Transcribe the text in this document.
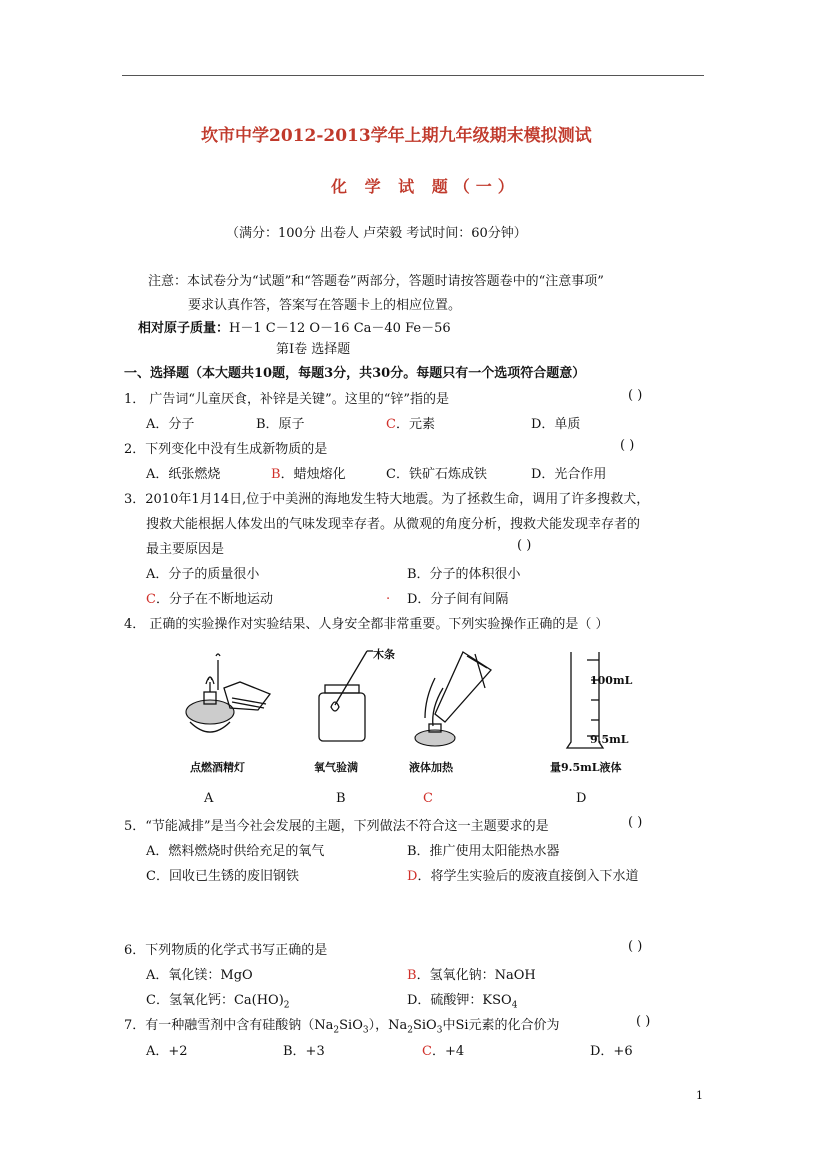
坎市中学2012-2013学年上期九年级期末模拟测试
化 学 试 题（一）
（满分：100分 出卷人 卢荣毅 考试时间：60分钟）
注意：本试卷分为“试题”和“答题卷”两部分，答题时请按答题卷中的“注意事项”
要求认真作答，答案写在答题卡上的相应位置。
相对原子质量：H－1 C－12 O－16 Ca－40 Fe－56
第Ⅰ卷 选择题
一、选择题（本大题共10题，每题3分，共30分。每题只有一个选项符合题意）
1． 广告词“儿童厌食，补锌是关键”。这里的“锌”指的是	( )
A．分子	B．原子	C．元素	D．单质
2．下列变化中没有生成新物质的是	( )
A．纸张燃烧	B．蜡烛熔化	C．铁矿石炼成铁	D．光合作用
3．2010年1月14日,位于中美洲的海地发生特大地震。为了拯救生命，调用了许多搜救犬，
搜救犬能根据人体发出的气味发现幸存者。从微观的角度分析，搜救犬能发现幸存者的
最主要原因是	( )
A．分子的质量很小	B．分子的体积很小
C．分子在不断地运动	. D．分子间有间隔
4． 正确的实验操作对实验结果、人身安全都非常重要。下列实验操作正确的是（ ）
点燃酒精灯
木条
氧气验满	液体加热
100mL
9.5mL
量9.5mL液体
A	B	C	D
5．“节能减排”是当今社会发展的主题，下列做法不符合这一主题要求的是	( )
A．燃料燃烧时供给充足的氧气	B．推广使用太阳能热水器
C．回收已生锈的废旧钢铁	D．将学生实验后的废液直接倒入下水道
6．下列物质的化学式书写正确的是	( )
A．氧化镁：MgO	B．氢氧化钠：NaOH
C．氢氧化钙：$Ca(HO)_2$	D．硫酸钾：$KSO_4$
7．有一种融雪剂中含有硅酸钠$(Na_2SiO_3)$，$Na_2SiO_3$中Si元素的化合价为	( )
A．+2	B．+3	C．+4	D．+6
1
